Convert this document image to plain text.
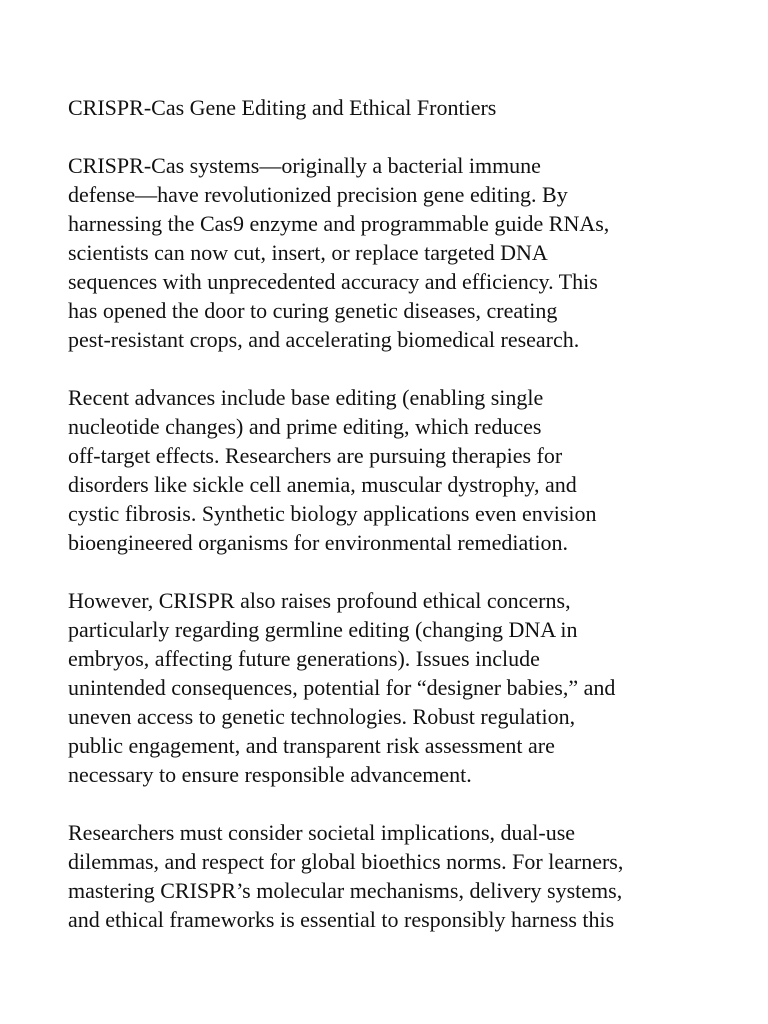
CRISPR-Cas Gene Editing and Ethical Frontiers

CRISPR-Cas systems—originally a bacterial immune
defense—have revolutionized precision gene editing. By
harnessing the Cas9 enzyme and programmable guide RNAs,
scientists can now cut, insert, or replace targeted DNA
sequences with unprecedented accuracy and efficiency. This
has opened the door to curing genetic diseases, creating
pest-resistant crops, and accelerating biomedical research.

Recent advances include base editing (enabling single
nucleotide changes) and prime editing, which reduces
off-target effects. Researchers are pursuing therapies for
disorders like sickle cell anemia, muscular dystrophy, and
cystic fibrosis. Synthetic biology applications even envision
bioengineered organisms for environmental remediation.

However, CRISPR also raises profound ethical concerns,
particularly regarding germline editing (changing DNA in
embryos, affecting future generations). Issues include
unintended consequences, potential for “designer babies,” and
uneven access to genetic technologies. Robust regulation,
public engagement, and transparent risk assessment are
necessary to ensure responsible advancement.

Researchers must consider societal implications, dual-use
dilemmas, and respect for global bioethics norms. For learners,
mastering CRISPR’s molecular mechanisms, delivery systems,
and ethical frameworks is essential to responsibly harness this
